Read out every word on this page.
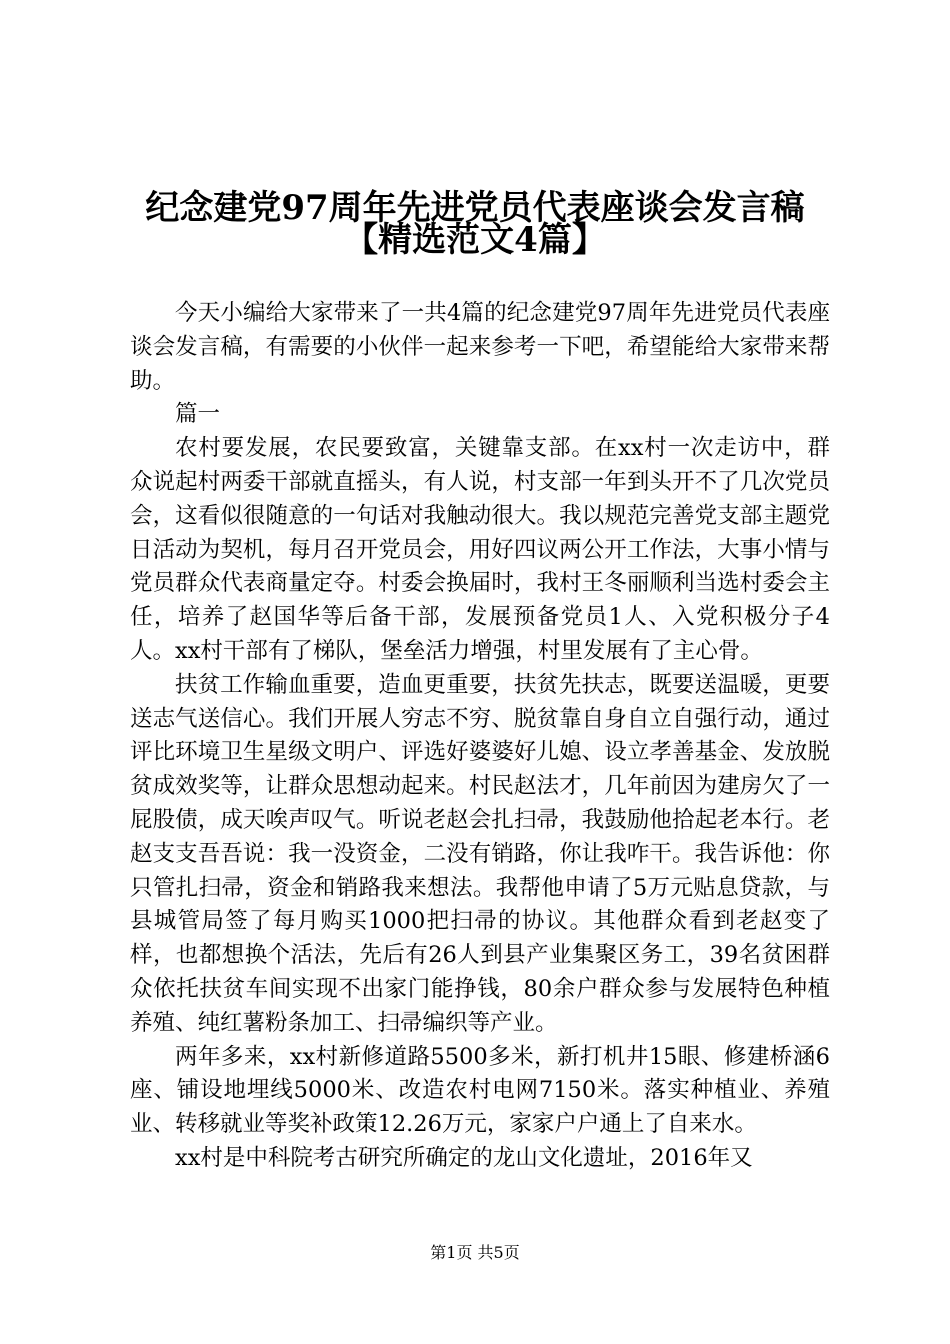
纪念建党97周年先进党员代表座谈会发言稿
【精选范文4篇】

今天小编给大家带来了一共4篇的纪念建党97周年先进党员代表座谈会发言稿，有需要的小伙伴一起来参考一下吧，希望能给大家带来帮助。

篇一

农村要发展，农民要致富，关键靠支部。在xx村一次走访中，群众说起村两委干部就直摇头，有人说，村支部一年到头开不了几次党员会，这看似很随意的一句话对我触动很大。我以规范完善党支部主题党日活动为契机，每月召开党员会，用好四议两公开工作法，大事小情与党员群众代表商量定夺。村委会换届时，我村王冬丽顺利当选村委会主任，培养了赵国华等后备干部，发展预备党员1人、入党积极分子4人。xx村干部有了梯队，堡垒活力增强，村里发展有了主心骨。

扶贫工作输血重要，造血更重要，扶贫先扶志，既要送温暖，更要送志气送信心。我们开展人穷志不穷、脱贫靠自身自立自强行动，通过评比环境卫生星级文明户、评选好婆婆好儿媳、设立孝善基金、发放脱贫成效奖等，让群众思想动起来。村民赵法才，几年前因为建房欠了一屁股债，成天唉声叹气。听说老赵会扎扫帚，我鼓励他拾起老本行。老赵支支吾吾说：我一没资金，二没有销路，你让我咋干。我告诉他：你只管扎扫帚，资金和销路我来想法。我帮他申请了5万元贴息贷款，与县城管局签了每月购买1000把扫帚的协议。其他群众看到老赵变了样，也都想换个活法，先后有26人到县产业集聚区务工，39名贫困群众依托扶贫车间实现不出家门能挣钱，80余户群众参与发展特色种植养殖、纯红薯粉条加工、扫帚编织等产业。

两年多来，xx村新修道路5500多米，新打机井15眼、修建桥涵6座、铺设地埋线5000米、改造农村电网7150米。落实种植业、养殖业、转移就业等奖补政策12.26万元，家家户户通上了自来水。

xx村是中科院考古研究所确定的龙山文化遗址，2016年又

第1页 共5页
